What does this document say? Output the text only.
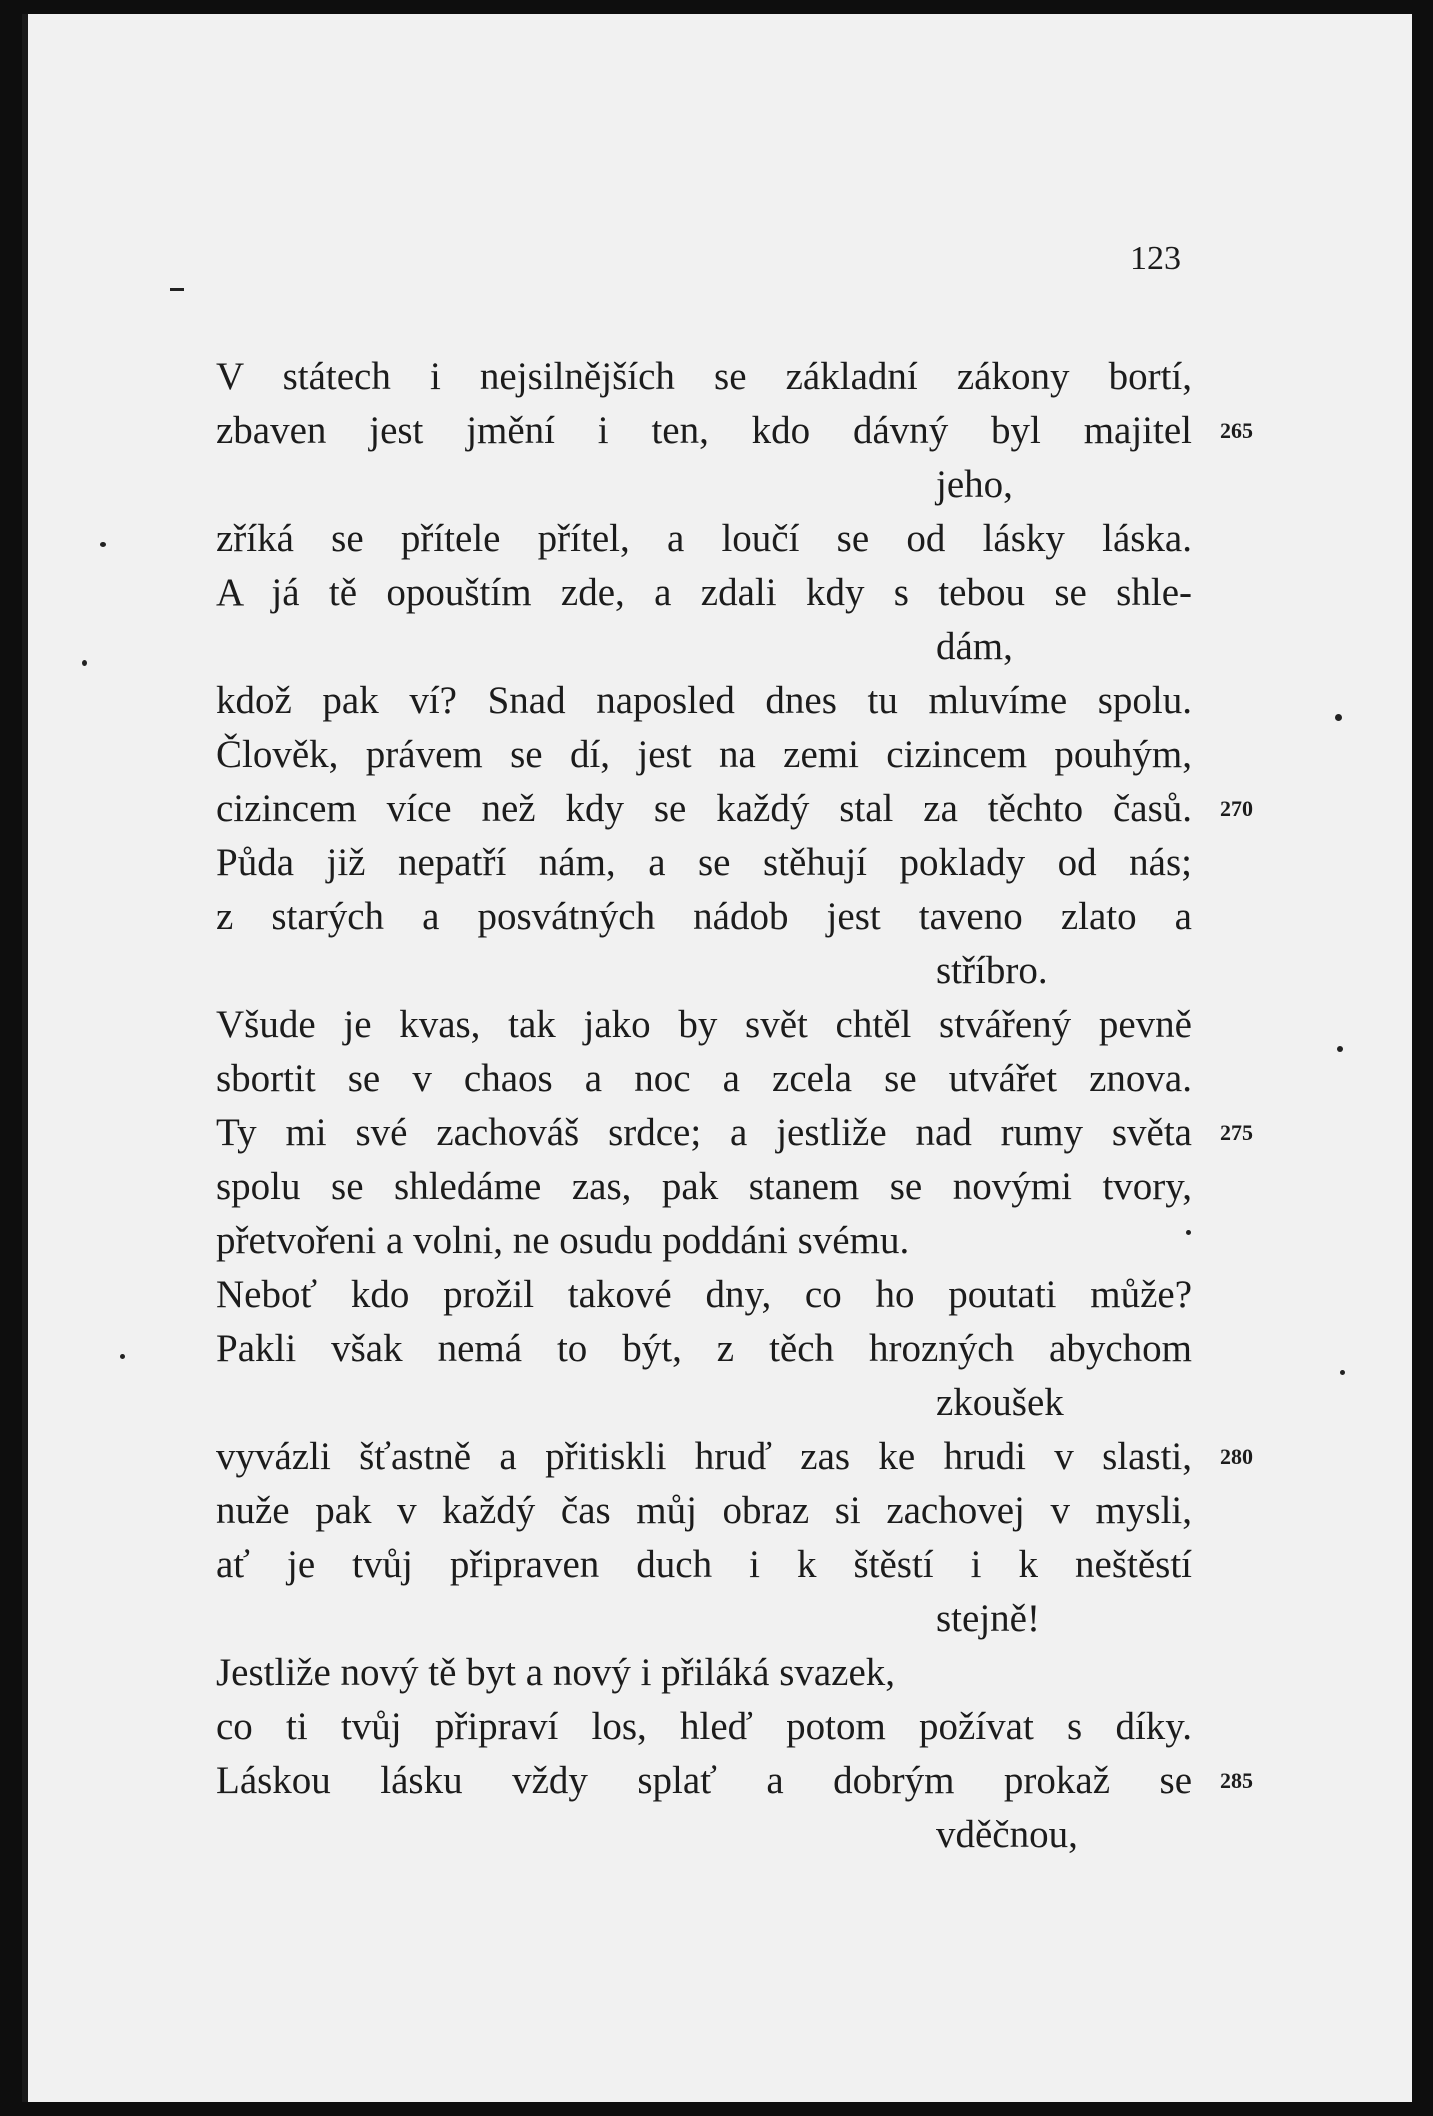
123
V státech i nejsilnějších se základní zákony bortí,
zbaven jest jmění i ten, kdo dávný byl majitel 265
jeho,
zříká se přítele přítel, a loučí se od lásky láska.
A já tě opouštím zde, a zdali kdy s tebou se shle-
dám,
kdož pak ví? Snad naposled dnes tu mluvíme spolu.
Člověk, právem se dí, jest na zemi cizincem pouhým,
cizincem více než kdy se každý stal za těchto časů. 270
Půda již nepatří nám, a se stěhují poklady od nás;
z starých a posvátných nádob jest taveno zlato a
stříbro.
Všude je kvas, tak jako by svět chtěl stvářený pevně
sbortit se v chaos a noc a zcela se utvářet znova.
Ty mi své zachováš srdce; a jestliže nad rumy světa 275
spolu se shledáme zas, pak stanem se novými tvory,
přetvořeni a volni, ne osudu poddáni svému.
Neboť kdo prožil takové dny, co ho poutati může?
Pakli však nemá to být, z těch hrozných abychom
zkoušek
vyvázli šťastně a přitiskli hruď zas ke hrudi v slasti, 280
nuže pak v každý čas můj obraz si zachovej v mysli,
ať je tvůj připraven duch i k štěstí i k neštěstí
stejně!
Jestliže nový tě byt a nový i přiláká svazek,
co ti tvůj připraví los, hleď potom požívat s díky.
Láskou lásku vždy splať a dobrým prokaž se 285
vděčnou,
